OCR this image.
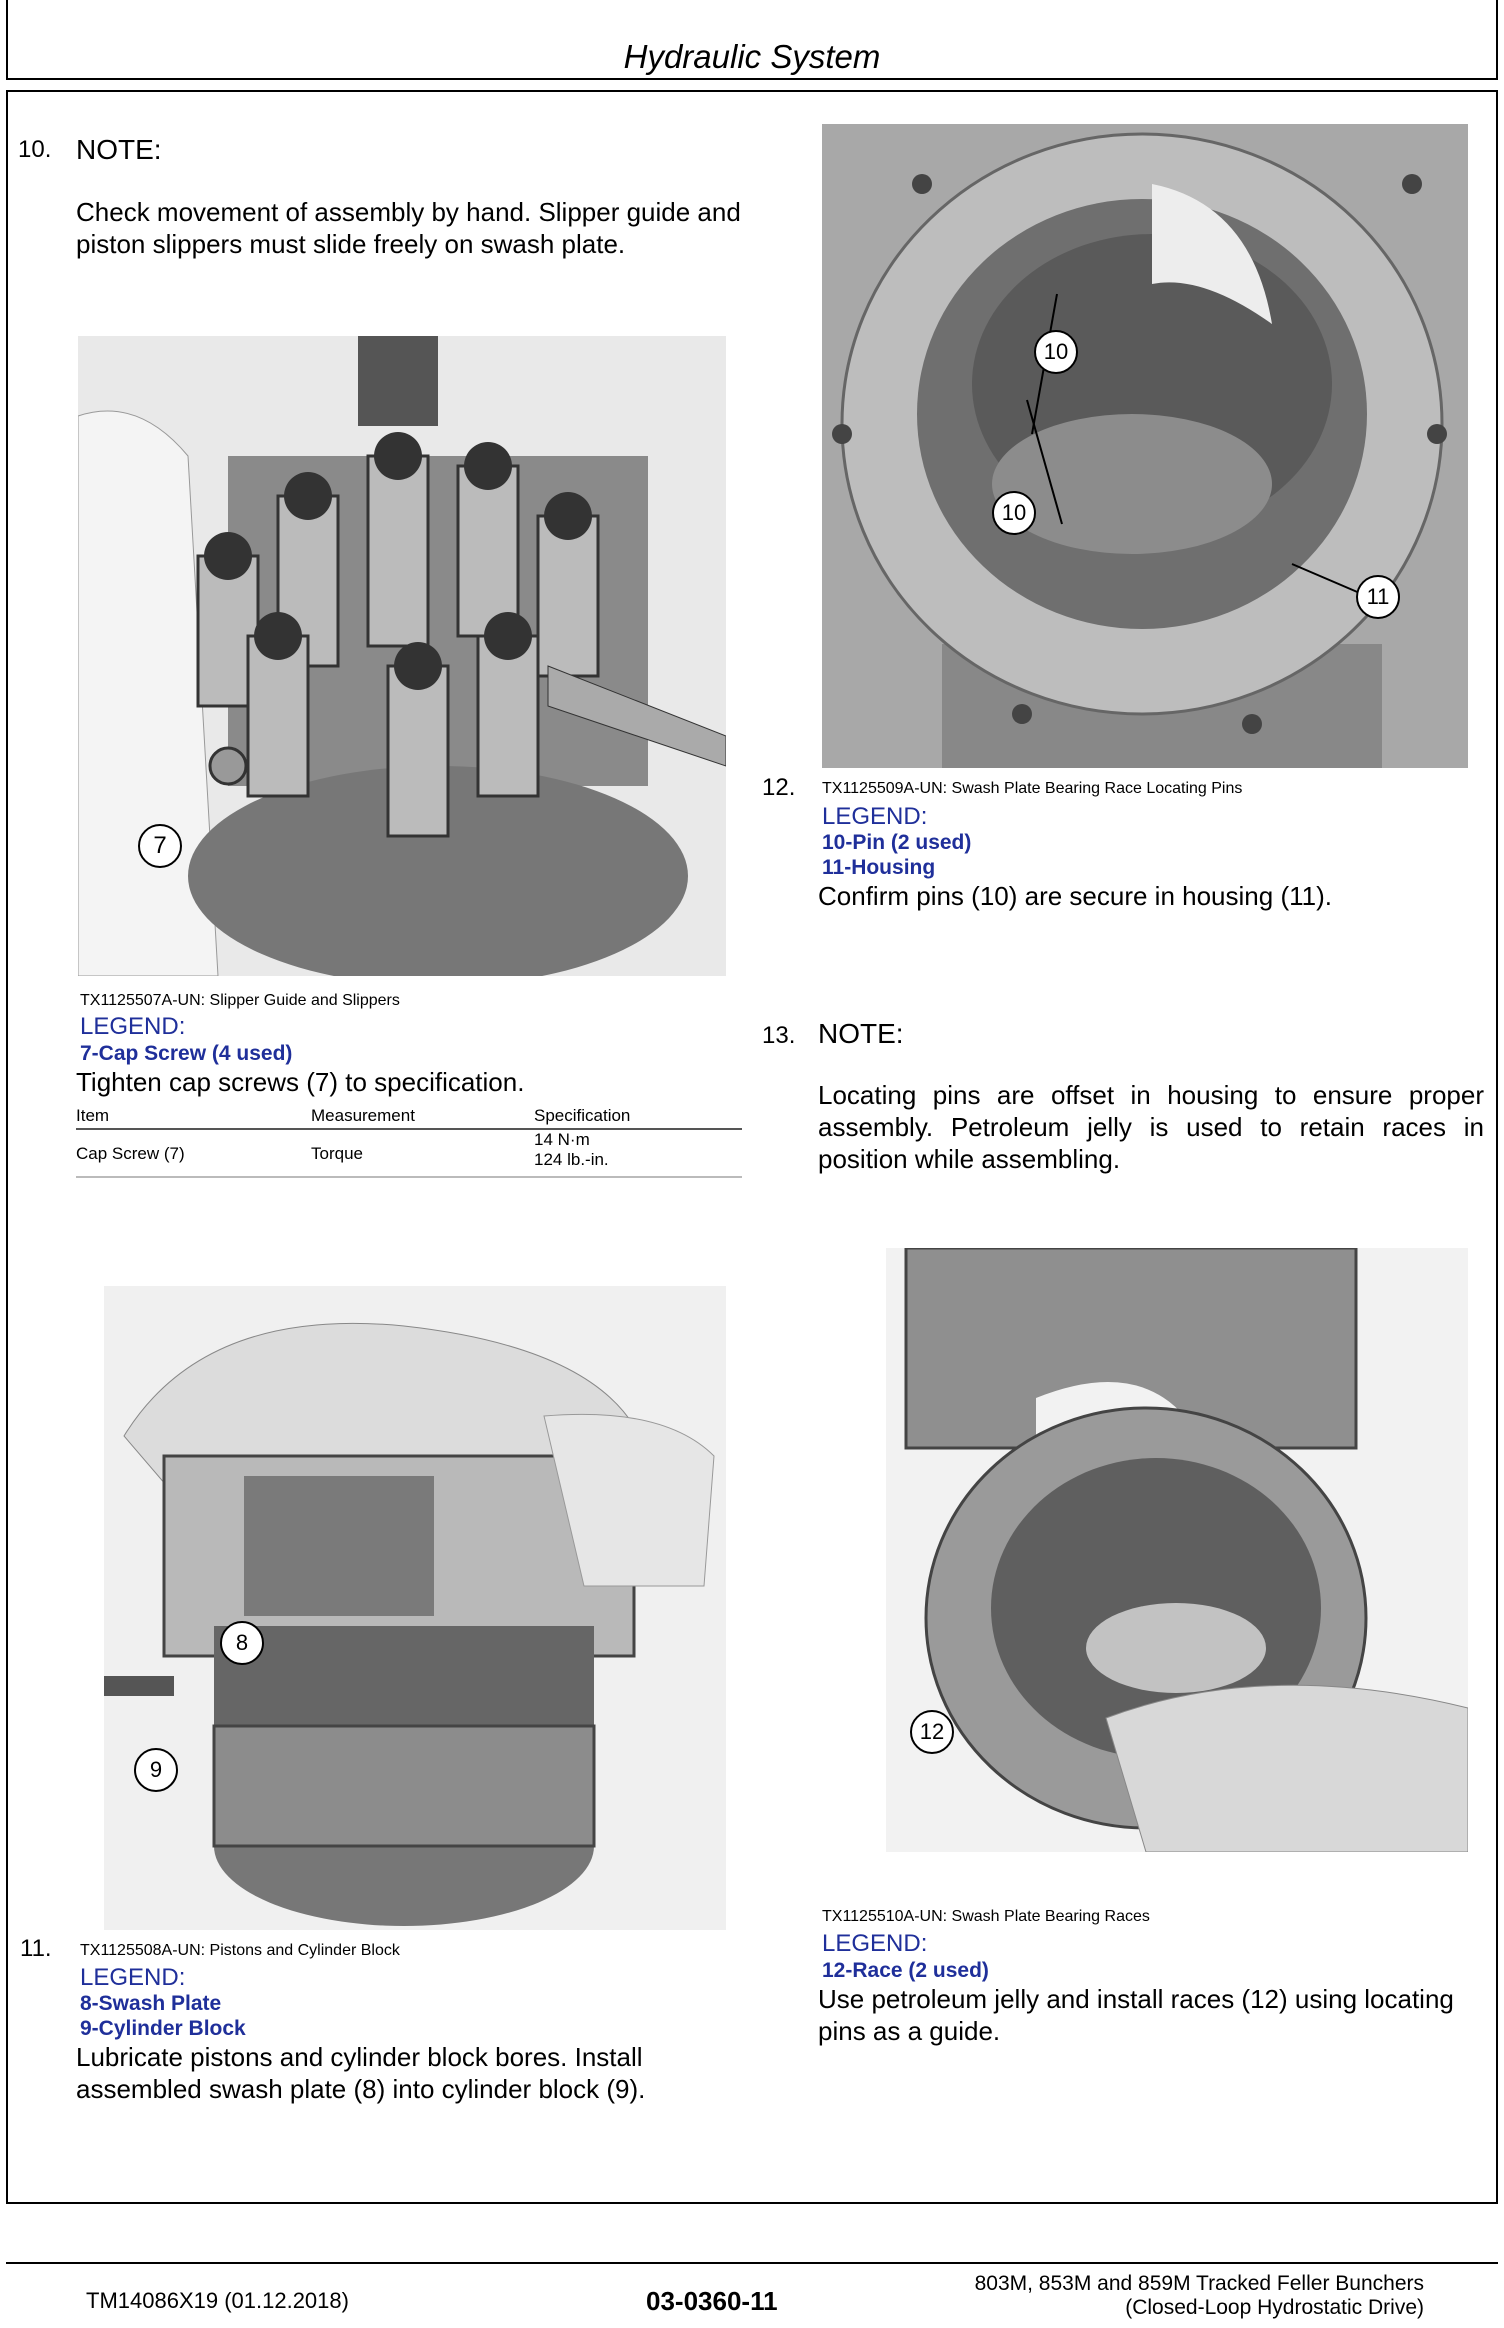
Hydraulic System
10. NOTE:
Check movement of assembly by hand. Slipper guide and piston slippers must slide freely on swash plate.
7
TX1125507A-UN: Slipper Guide and Slippers
LEGEND:
7-Cap Screw (4 used)
Tighten cap screws (7) to specification.
Item	Measurement	Specification
Cap Screw (7)	Torque	14 N·m
124 lb.-in.
10
10
11
12. TX1125509A-UN: Swash Plate Bearing Race Locating Pins
LEGEND:
10-Pin (2 used)
11-Housing
Confirm pins (10) are secure in housing (11).
13. NOTE:
Locating pins are offset in housing to ensure proper assembly. Petroleum jelly is used to retain races in position while assembling.
8
9
11. TX1125508A-UN: Pistons and Cylinder Block
LEGEND:
8-Swash Plate
9-Cylinder Block
Lubricate pistons and cylinder block bores. Install assembled swash plate (8) into cylinder block (9).
12
TX1125510A-UN: Swash Plate Bearing Races
LEGEND:
12-Race (2 used)
Use petroleum jelly and install races (12) using locating pins as a guide.
TM14086X19 (01.12.2018)	03-0360-11
803M, 853M and 859M Tracked Feller Bunchers
(Closed-Loop Hydrostatic Drive)
